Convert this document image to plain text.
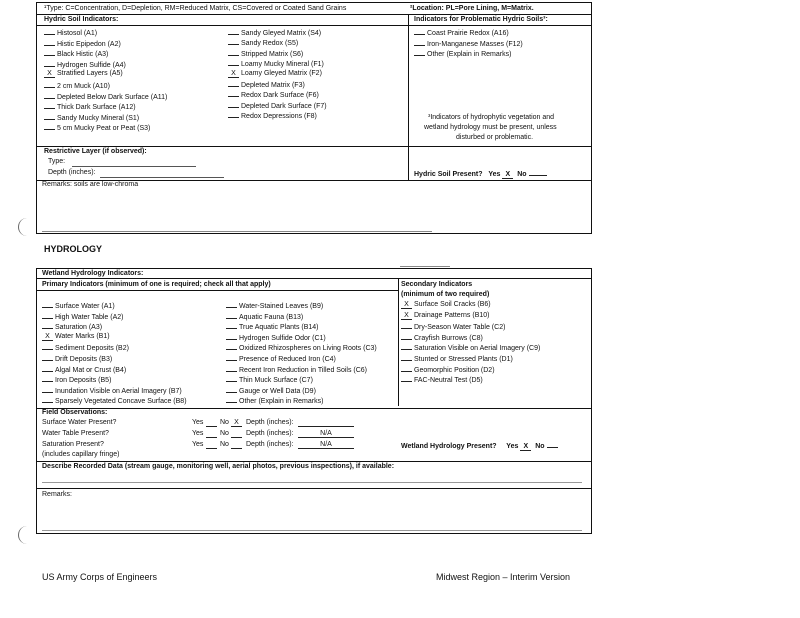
¹Type: C=Concentration, D=Depletion, RM=Reduced Matrix, CS=Covered or Coated Sand Grains	²Location: PL=Pore Lining, M=Matrix.
Hydric Soil Indicators:	Indicators for Problematic Hydric Soils³:
Histosol (A1)
Histic Epipedon (A2)
Black Histic (A3)
Hydrogen Sulfide (A4)
X Stratified Layers (A5)
2 cm Muck (A10)
Depleted Below Dark Surface (A11)
Thick Dark Surface (A12)
Sandy Mucky Mineral (S1)
5 cm Mucky Peat or Peat (S3)
Sandy Gleyed Matrix (S4)
Sandy Redox (S5)
Stripped Matrix (S6)
Loamy Mucky Mineral (F1)
X Loamy Gleyed Matrix (F2)
Depleted Matrix (F3)
Redox Dark Surface (F6)
Depleted Dark Surface (F7)
Redox Depressions (F8)
Coast Prairie Redox (A16)
Iron-Manganese Masses (F12)
Other (Explain in Remarks)
³Indicators of hydrophytic vegetation and
wetland hydrology must be present, unless
disturbed or problematic.
Restrictive Layer (if observed):
Type:
Depth (inches):	Hydric Soil Present? Yes X No
Remarks: soils are low-chroma
HYDROLOGY
Wetland Hydrology Indicators:
Primary Indicators (minimum of one is required; check all that apply)	Secondary Indicators
(minimum of two required)
Surface Water (A1)
High Water Table (A2)
Saturation (A3)
X Water Marks (B1)
Sediment Deposits (B2)
Drift Deposits (B3)
Algal Mat or Crust (B4)
Iron Deposits (B5)
Inundation Visible on Aerial Imagery (B7)
Sparsely Vegetated Concave Surface (B8)
Water-Stained Leaves (B9)
Aquatic Fauna (B13)
True Aquatic Plants (B14)
Hydrogen Sulfide Odor (C1)
Oxidized Rhizospheres on Living Roots (C3)
Presence of Reduced Iron (C4)
Recent Iron Reduction in Tilled Soils (C6)
Thin Muck Surface (C7)
Gauge or Well Data (D9)
Other (Explain in Remarks)
X Surface Soil Cracks (B6)
X Drainage Patterns (B10)
Dry-Season Water Table (C2)
Crayfish Burrows (C8)
Saturation Visible on Aerial Imagery (C9)
Stunted or Stressed Plants (D1)
Geomorphic Position (D2)
FAC-Neutral Test (D5)
Field Observations:
Surface Water Present?	Yes No X	Depth (inches):
Water Table Present?	Yes No Depth (inches):	N/A
Saturation Present?	Yes No Depth (inches):	N/A
(includes capillary fringe)
Wetland Hydrology Present? Yes X No
Describe Recorded Data (stream gauge, monitoring well, aerial photos, previous inspections), if available:
Remarks:
US Army Corps of Engineers	Midwest Region – Interim Version
